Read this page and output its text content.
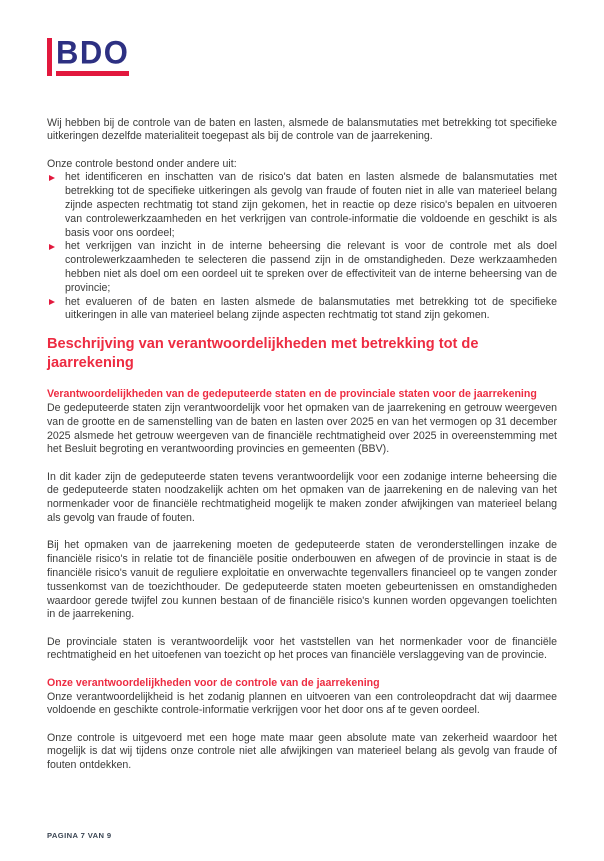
BDO

Wij hebben bij de controle van de baten en lasten, alsmede de balansmutaties met betrekking tot specifieke uitkeringen dezelfde materialiteit toegepast als bij de controle van de jaarrekening.

Onze controle bestond onder andere uit:

het identificeren en inschatten van de risico's dat baten en lasten alsmede de balansmutaties met betrekking tot de specifieke uitkeringen als gevolg van fraude of fouten niet in alle van materieel belang zijnde aspecten rechtmatig tot stand zijn gekomen, het in reactie op deze risico's bepalen en uitvoeren van controlewerkzaamheden en het verkrijgen van controle-informatie die voldoende en geschikt is als basis voor ons oordeel;
het verkrijgen van inzicht in de interne beheersing die relevant is voor de controle met als doel controlewerkzaamheden te selecteren die passend zijn in de omstandigheden. Deze werkzaamheden hebben niet als doel om een oordeel uit te spreken over de effectiviteit van de interne beheersing van de provincie;
het evalueren of de baten en lasten alsmede de balansmutaties met betrekking tot de specifieke uitkeringen in alle van materieel belang zijnde aspecten rechtmatig tot stand zijn gekomen.
Beschrijving van verantwoordelijkheden met betrekking tot de jaarrekening
Verantwoordelijkheden van de gedeputeerde staten en de provinciale staten voor de jaarrekening

De gedeputeerde staten zijn verantwoordelijk voor het opmaken van de jaarrekening en getrouw weergeven van de grootte en de samenstelling van de baten en lasten over 2025 en van het vermogen op 31 december 2025 alsmede het getrouw weergeven van de financiële rechtmatigheid over 2025 in overeenstemming met het Besluit begroting en verantwoording provincies en gemeenten (BBV).

In dit kader zijn de gedeputeerde staten tevens verantwoordelijk voor een zodanige interne beheersing die de gedeputeerde staten noodzakelijk achten om het opmaken van de jaarrekening en de naleving van het normenkader voor de financiële rechtmatigheid mogelijk te maken zonder afwijkingen van materieel belang als gevolg van fraude of fouten.

Bij het opmaken van de jaarrekening moeten de gedeputeerde staten de veronderstellingen inzake de financiële risico's in relatie tot de financiële positie onderbouwen en afwegen of de provincie in staat is de financiële risico's vanuit de reguliere exploitatie en onverwachte tegenvallers financieel op te vangen zonder tussenkomst van de toezichthouder. De gedeputeerde staten moeten gebeurtenissen en omstandigheden waardoor gerede twijfel zou kunnen bestaan of de financiële risico's kunnen worden opgevangen toelichten in de jaarrekening.

De provinciale staten is verantwoordelijk voor het vaststellen van het normenkader voor de financiële rechtmatigheid en het uitoefenen van toezicht op het proces van financiële verslaggeving van de provincie.

Onze verantwoordelijkheden voor de controle van de jaarrekening

Onze verantwoordelijkheid is het zodanig plannen en uitvoeren van een controleopdracht dat wij daarmee voldoende en geschikte controle-informatie verkrijgen voor het door ons af te geven oordeel.

Onze controle is uitgevoerd met een hoge mate maar geen absolute mate van zekerheid waardoor het mogelijk is dat wij tijdens onze controle niet alle afwijkingen van materieel belang als gevolg van fraude of fouten ontdekken.

PAGINA 7 VAN 9
